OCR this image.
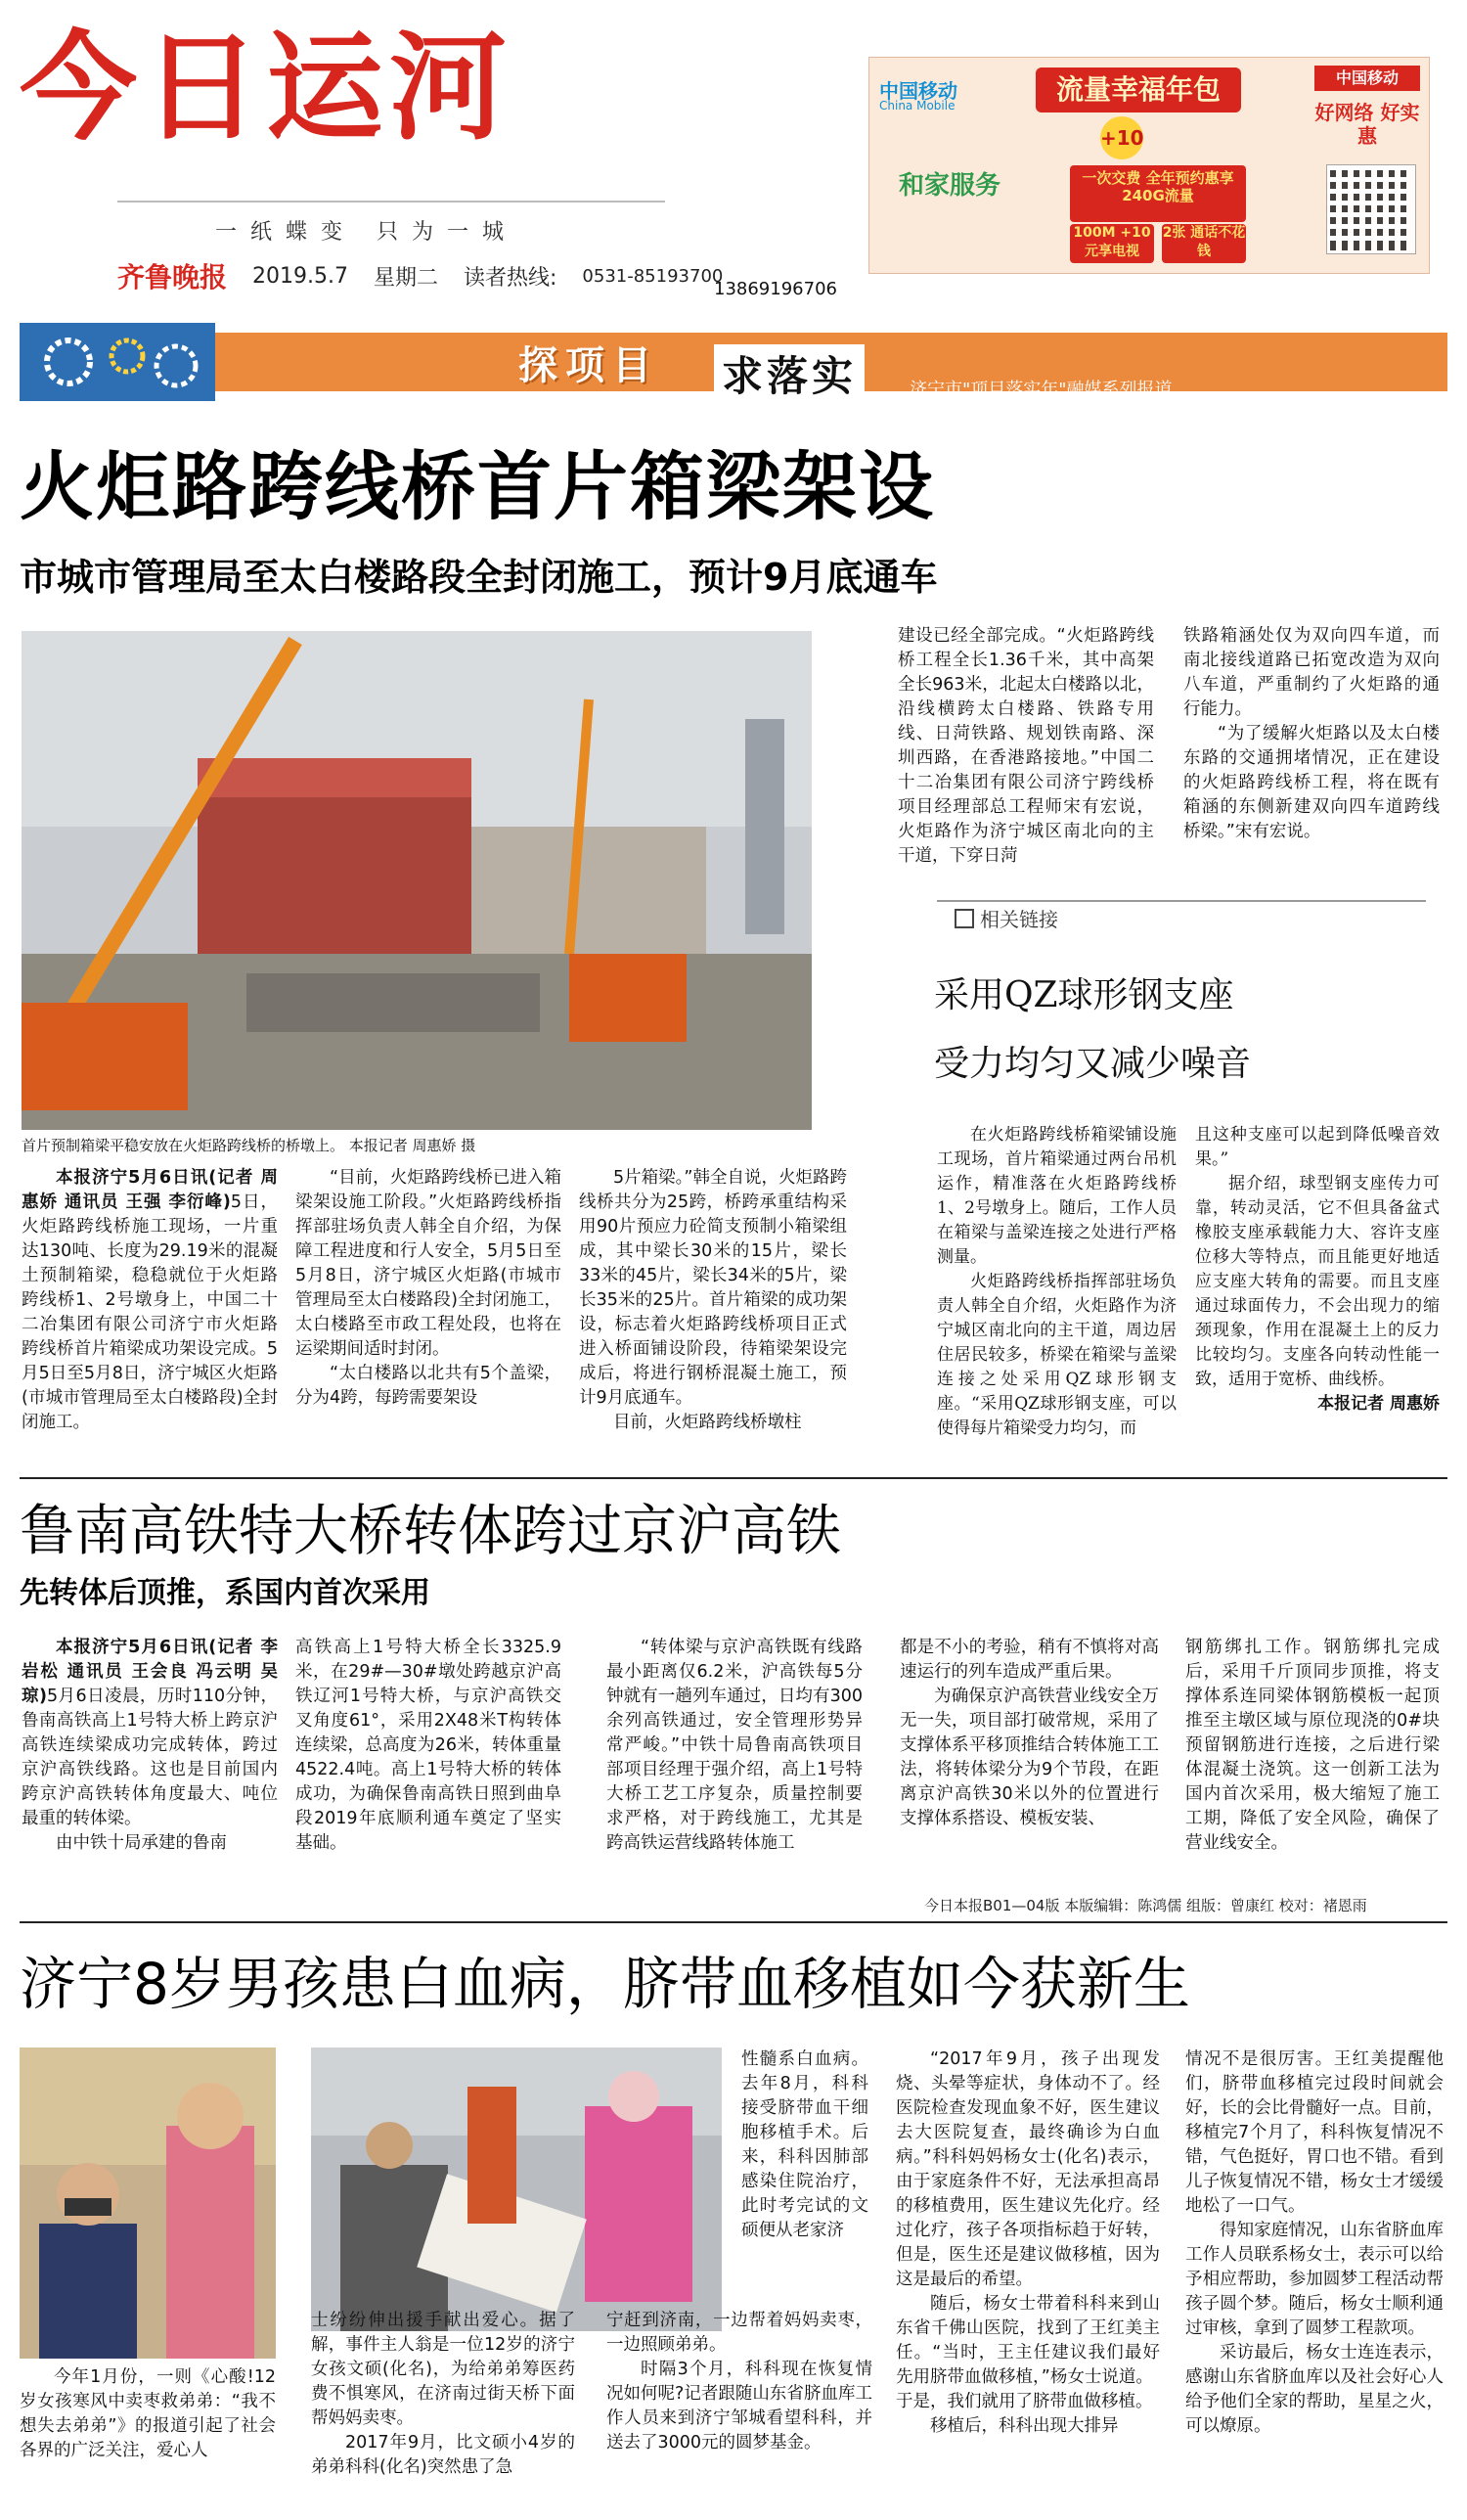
今日运河
一纸蝶变 只为一城
齐鲁晚报 2019.5.7 星期二 读者热线: 0531-85193700
13869196706
中国移动
China Mobile	流量幸福年包
+10
和家服务	一次交费 全年预约惠享 240G流量
100M +10元享电视
2张 通话不花钱
中国移动
好网络 好实惠
探项目 求落实	济宁市"项目落实年"融媒系列报道
火炬路跨线桥首片箱梁架设
市城市管理局至太白楼路段全封闭施工，预计9月底通车
首片预制箱梁平稳安放在火炬路跨线桥的桥墩上。 本报记者 周惠娇 摄

本报济宁5月6日讯(记者 周惠娇 通讯员 王强 李衍峰)5日，火炬路跨线桥施工现场，一片重达130吨、长度为29.19米的混凝土预制箱梁，稳稳就位于火炬路跨线桥1、2号墩身上，中国二十二冶集团有限公司济宁市火炬路跨线桥首片箱梁成功架设完成。5月5日至5月8日，济宁城区火炬路(市城市管理局至太白楼路段)全封闭施工。

“目前，火炬路跨线桥已进入箱梁架设施工阶段。”火炬路跨线桥指挥部驻场负责人韩全自介绍，为保障工程进度和行人安全，5月5日至5月8日，济宁城区火炬路(市城市管理局至太白楼路段)全封闭施工，太白楼路至市政工程处段，也将在运梁期间适时封闭。

“太白楼路以北共有5个盖梁，分为4跨，每跨需要架设

5片箱梁。”韩全自说，火炬路跨线桥共分为25跨，桥跨承重结构采用90片预应力砼简支预制小箱梁组成，其中梁长30米的15片，梁长33米的45片，梁长34米的5片，梁长35米的25片。首片箱梁的成功架设，标志着火炬路跨线桥项目正式进入桥面铺设阶段，待箱梁架设完成后，将进行钢桥混凝土施工，预计9月底通车。

目前，火炬路跨线桥墩柱

建设已经全部完成。“火炬路跨线桥工程全长1.36千米，其中高架全长963米，北起太白楼路以北，沿线横跨太白楼路、铁路专用线、日菏铁路、规划铁南路、深圳西路，在香港路接地。”中国二十二冶集团有限公司济宁跨线桥项目经理部总工程师宋有宏说，火炬路作为济宁城区南北向的主干道，下穿日菏

铁路箱涵处仅为双向四车道，而南北接线道路已拓宽改造为双向八车道，严重制约了火炬路的通行能力。

“为了缓解火炬路以及太白楼东路的交通拥堵情况，正在建设的火炬路跨线桥工程，将在既有箱涵的东侧新建双向四车道跨线桥梁。”宋有宏说。

相关链接
采用QZ球形钢支座
受力均匀又减少噪音

在火炬路跨线桥箱梁铺设施工现场，首片箱梁通过两台吊机运作，精准落在火炬路跨线桥1、2号墩身上。随后，工作人员在箱梁与盖梁连接之处进行严格测量。

火炬路跨线桥指挥部驻场负责人韩全自介绍，火炬路作为济宁城区南北向的主干道，周边居住居民较多，桥梁在箱梁与盖梁连接之处采用QZ球形钢支座。“采用QZ球形钢支座，可以使得每片箱梁受力均匀，而

且这种支座可以起到降低噪音效果。”

据介绍，球型钢支座传力可靠，转动灵活，它不但具备盆式橡胶支座承载能力大、容许支座位移大等特点，而且能更好地适应支座大转角的需要。而且支座通过球面传力，不会出现力的缩颈现象，作用在混凝土上的反力比较均匀。支座各向转动性能一致，适用于宽桥、曲线桥。

本报记者 周惠娇

鲁南高铁特大桥转体跨过京沪高铁
先转体后顶推，系国内首次采用

本报济宁5月6日讯(记者 李岩松 通讯员 王会良 冯云明 吴琼)5月6日凌晨，历时110分钟，鲁南高铁高上1号特大桥上跨京沪高铁连续梁成功完成转体，跨过京沪高铁线路。这也是目前国内跨京沪高铁转体角度最大、吨位最重的转体梁。

由中铁十局承建的鲁南

高铁高上1号特大桥全长3325.9米，在29#—30#墩处跨越京沪高铁辽河1号特大桥，与京沪高铁交叉角度61°，采用2X48米T构转体连续梁，总高度为26米，转体重量4522.4吨。高上1号特大桥的转体成功，为确保鲁南高铁日照到曲阜段2019年底顺利通车奠定了坚实基础。

“转体梁与京沪高铁既有线路最小距离仅6.2米，沪高铁每5分钟就有一趟列车通过，日均有300余列高铁通过，安全管理形势异常严峻。”中铁十局鲁南高铁项目部项目经理于强介绍，高上1号特大桥工艺工序复杂，质量控制要求严格，对于跨线施工，尤其是跨高铁运营线路转体施工

都是不小的考验，稍有不慎将对高速运行的列车造成严重后果。

为确保京沪高铁营业线安全万无一失，项目部打破常规，采用了支撑体系平移顶推结合转体施工工法，将转体梁分为9个节段，在距离京沪高铁30米以外的位置进行支撑体系搭设、模板安装、

钢筋绑扎工作。钢筋绑扎完成后，采用千斤顶同步顶推，将支撑体系连同梁体钢筋模板一起顶推至主墩区域与原位现浇的0#块预留钢筋进行连接，之后进行梁体混凝土浇筑。这一创新工法为国内首次采用，极大缩短了施工工期，降低了安全风险，确保了营业线安全。

今日本报B01—04版 本版编辑：陈鸿儒 组版：曾康红 校对：褚恩雨
济宁8岁男孩患白血病，脐带血移植如今获新生

今年1月份，一则《心酸!12岁女孩寒风中卖枣救弟弟：“我不想失去弟弟”》的报道引起了社会各界的广泛关注，爱心人

士纷纷伸出援手献出爱心。据了解，事件主人翁是一位12岁的济宁女孩文硕(化名)，为给弟弟筹医药费不惧寒风，在济南过街天桥下面帮妈妈卖枣。

2017年9月，比文硕小4岁的弟弟科科(化名)突然患了急

性髓系白血病。去年8月，科科接受脐带血干细胞移植手术。后来，科科因肺部感染住院治疗，此时考完试的文硕便从老家济

宁赶到济南，一边帮着妈妈卖枣，一边照顾弟弟。

时隔3个月，科科现在恢复情况如何呢?记者跟随山东省脐血库工作人员来到济宁邹城看望科科，并送去了3000元的圆梦基金。

“2017年9月，孩子出现发烧、头晕等症状，身体动不了。经医院检查发现血象不好，医生建议去大医院复查，最终确诊为白血病。”科科妈妈杨女士(化名)表示，由于家庭条件不好，无法承担高昂的移植费用，医生建议先化疗。经过化疗，孩子各项指标趋于好转，但是，医生还是建议做移植，因为这是最后的希望。

随后，杨女士带着科科来到山东省千佛山医院，找到了王红美主任。“当时，王主任建议我们最好先用脐带血做移植，”杨女士说道。

于是，我们就用了脐带血做移植。

移植后，科科出现大排异

情况不是很厉害。王红美提醒他们，脐带血移植完过段时间就会好，长的会比骨髓好一点。目前，移植完7个月了，科科恢复情况不错，气色挺好，胃口也不错。看到儿子恢复情况不错，杨女士才缓缓地松了一口气。

得知家庭情况，山东省脐血库工作人员联系杨女士，表示可以给予相应帮助，参加圆梦工程活动帮孩子圆个梦。随后，杨女士顺利通过审核，拿到了圆梦工程款项。

采访最后，杨女士连连表示，感谢山东省脐血库以及社会好心人给予他们全家的帮助，星星之火，可以燎原。
